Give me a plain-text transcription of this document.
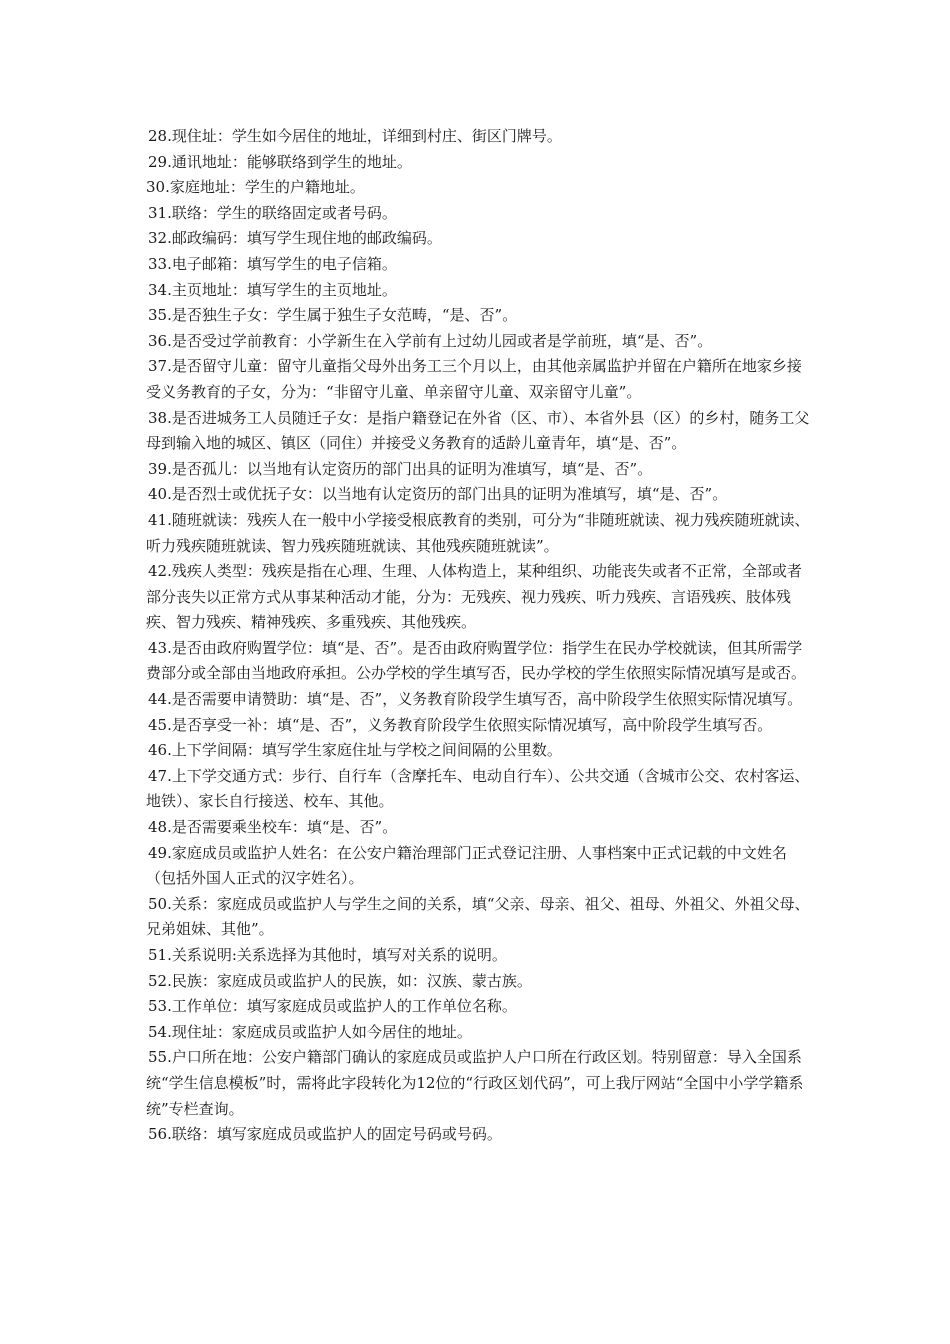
28.现住址：学生如今居住的地址，详细到村庄、街区门牌号。

29.通讯地址：能够联络到学生的地址。

30.家庭地址：学生的户籍地址。

31.联络：学生的联络固定或者号码。

32.邮政编码：填写学生现住地的邮政编码。

33.电子邮箱：填写学生的电子信箱。

34.主页地址：填写学生的主页地址。

35.是否独生子女：学生属于独生子女范畴，“是、否”。

36.是否受过学前教育：小学新生在入学前有上过幼儿园或者是学前班，填“是、否”。

37.是否留守儿童：留守儿童指父母外出务工三个月以上，由其他亲属监护并留在户籍所在地家乡接受义务教育的子女，分为：“非留守儿童、单亲留守儿童、双亲留守儿童”。

38.是否进城务工人员随迁子女：是指户籍登记在外省（区、市）、本省外县（区）的乡村，随务工父母到输入地的城区、镇区（同住）并接受义务教育的适龄儿童青年，填“是、否”。

39.是否孤儿：以当地有认定资历的部门出具的证明为准填写，填“是、否”。

40.是否烈士或优抚子女：以当地有认定资历的部门出具的证明为准填写，填“是、否”。

41.随班就读：残疾人在一般中小学接受根底教育的类别，可分为“非随班就读、视力残疾随班就读、听力残疾随班就读、智力残疾随班就读、其他残疾随班就读”。

42.残疾人类型：残疾是指在心理、生理、人体构造上，某种组织、功能丧失或者不正常，全部或者部分丧失以正常方式从事某种活动才能，分为：无残疾、视力残疾、听力残疾、言语残疾、肢体残疾、智力残疾、精神残疾、多重残疾、其他残疾。

43.是否由政府购置学位：填“是、否”。是否由政府购置学位：指学生在民办学校就读，但其所需学费部分或全部由当地政府承担。公办学校的学生填写否，民办学校的学生依照实际情况填写是或否。

44.是否需要申请赞助：填“是、否”，义务教育阶段学生填写否，高中阶段学生依照实际情况填写。

45.是否享受一补：填“是、否”，义务教育阶段学生依照实际情况填写，高中阶段学生填写否。

46.上下学间隔：填写学生家庭住址与学校之间间隔的公里数。

47.上下学交通方式：步行、自行车（含摩托车、电动自行车）、公共交通（含城市公交、农村客运、地铁）、家长自行接送、校车、其他。

48.是否需要乘坐校车：填“是、否”。

49.家庭成员或监护人姓名：在公安户籍治理部门正式登记注册、人事档案中正式记载的中文姓名（包括外国人正式的汉字姓名）。

50.关系：家庭成员或监护人与学生之间的关系，填“父亲、母亲、祖父、祖母、外祖父、外祖父母、兄弟姐妹、其他”。

51.关系说明:关系选择为其他时，填写对关系的说明。

52.民族：家庭成员或监护人的民族，如：汉族、蒙古族。

53.工作单位：填写家庭成员或监护人的工作单位名称。

54.现住址：家庭成员或监护人如今居住的地址。

55.户口所在地：公安户籍部门确认的家庭成员或监护人户口所在行政区划。特别留意：导入全国系统“学生信息模板”时，需将此字段转化为12位的“行政区划代码”，可上我厅网站“全国中小学学籍系统”专栏查询。

56.联络：填写家庭成员或监护人的固定号码或号码。
